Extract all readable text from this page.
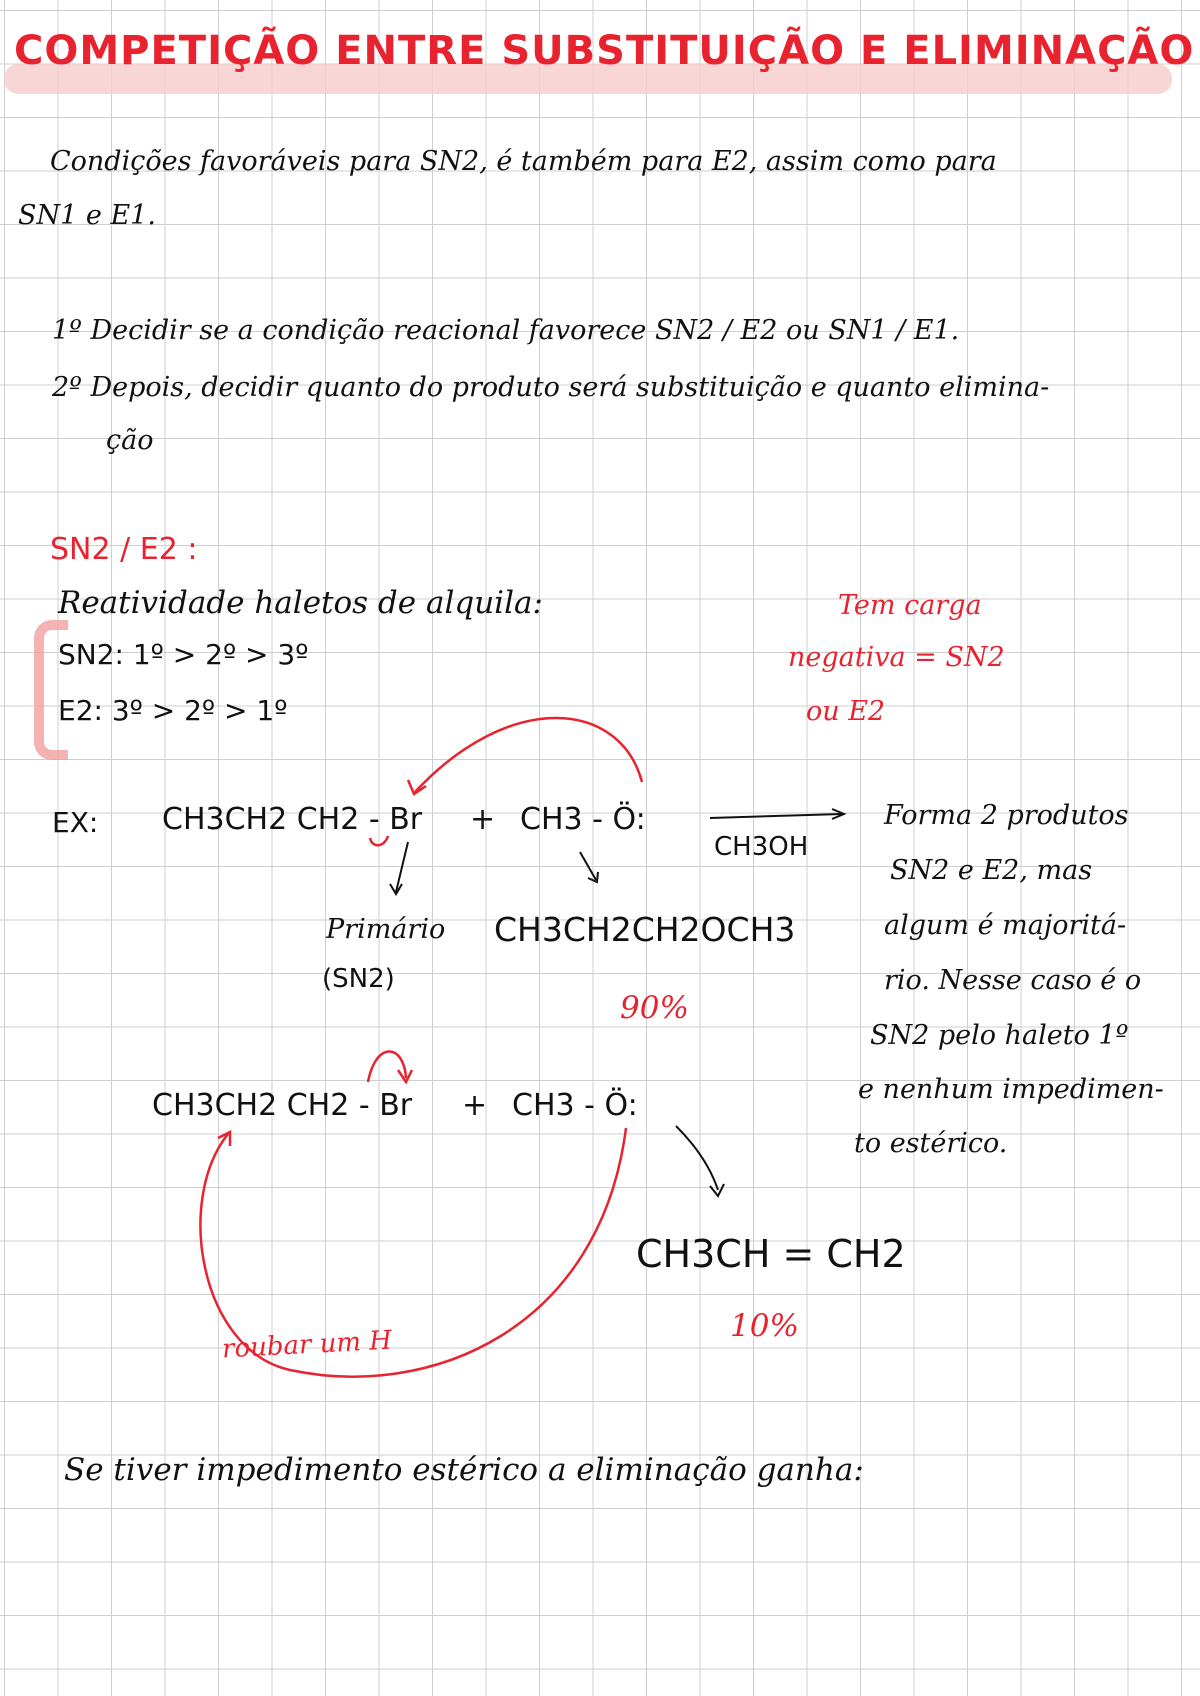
COMPETIÇÃO ENTRE SUBSTITUIÇÃO E ELIMINAÇÃO
Condições favoráveis para SN2, é também para E2, assim como para
SN1 e E1.
1º Decidir se a condição reacional favorece SN2 / E2 ou SN1 / E1.
2º Depois, decidir quanto do produto será substituição e quanto elimina-
ção
SN2 / E2 :
Reatividade haletos de alquila:
SN2: 1º > 2º > 3º
E2: 3º > 2º > 1º
Tem carga
negativa = SN2
ou E2
EX: CH3CH2 CH2 - Br + CH3 - Ö:
CH3OH
Primário
(SN2)
CH3CH2CH2OCH3
90%
Forma 2 produtos
SN2 e E2, mas
algum é majoritá-
rio. Nesse caso é o
SN2 pelo haleto 1º
e nenhum impedimen-
to estérico.
CH3CH2 CH2 - Br + CH3 - Ö:
CH3CH = CH2
10%
roubar um H
Se tiver impedimento estérico a eliminação ganha:
